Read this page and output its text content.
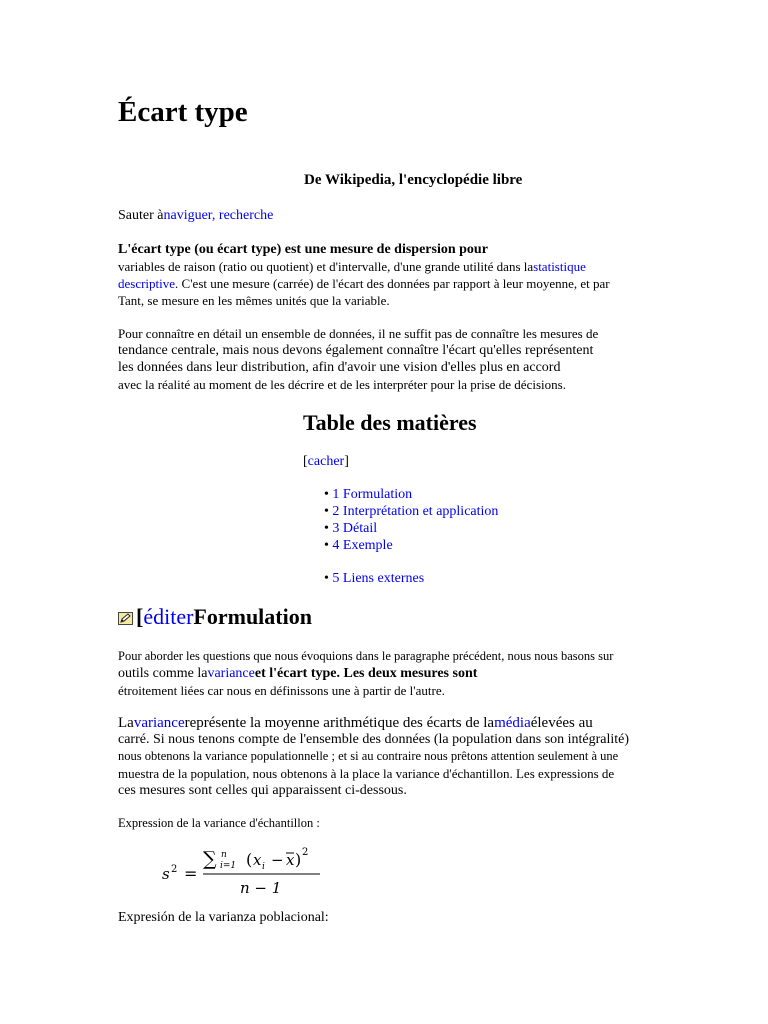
Écart type
De Wikipedia, l'encyclopédie libre
Sauter ànaviguer, recherche
L'écart type (ou écart type) est une mesure de dispersion pour
variables de raison (ratio ou quotient) et d'intervalle, d'une grande utilité dans lastatistique
descriptive. C'est une mesure (carrée) de l'écart des données par rapport à leur moyenne, et par
Tant, se mesure en les mêmes unités que la variable.
Pour connaître en détail un ensemble de données, il ne suffit pas de connaître les mesures de
tendance centrale, mais nous devons également connaître l'écart qu'elles représentent
les données dans leur distribution, afin d'avoir une vision d'elles plus en accord
avec la réalité au moment de les décrire et de les interpréter pour la prise de décisions.
Table des matières
[cacher]
• 1 Formulation
• 2 Interprétation et application
• 3 Détail
• 4 Exemple
• 5 Liens externes
[éditerFormulation
Pour aborder les questions que nous évoquions dans le paragraphe précédent, nous nous basons sur
outils comme lavarianceet l'écart type. Les deux mesures sont
étroitement liées car nous en définissons une à partir de l'autre.
Lavariancereprésente la moyenne arithmétique des écarts de lamédiaélevées au
carré. Si nous tenons compte de l'ensemble des données (la population dans son intégralité)
nous obtenons la variance populationnelle ; et si au contraire nous prêtons attention seulement à une
muestra de la population, nous obtenons à la place la variance d'échantillon. Les expressions de
ces mesures sont celles qui apparaissent ci-dessous.
Expression de la variance d'échantillon :
s 2 =
∑ n
i=1 ( x i − x ) 2
n − 1
Expresión de la varianza poblacional:
